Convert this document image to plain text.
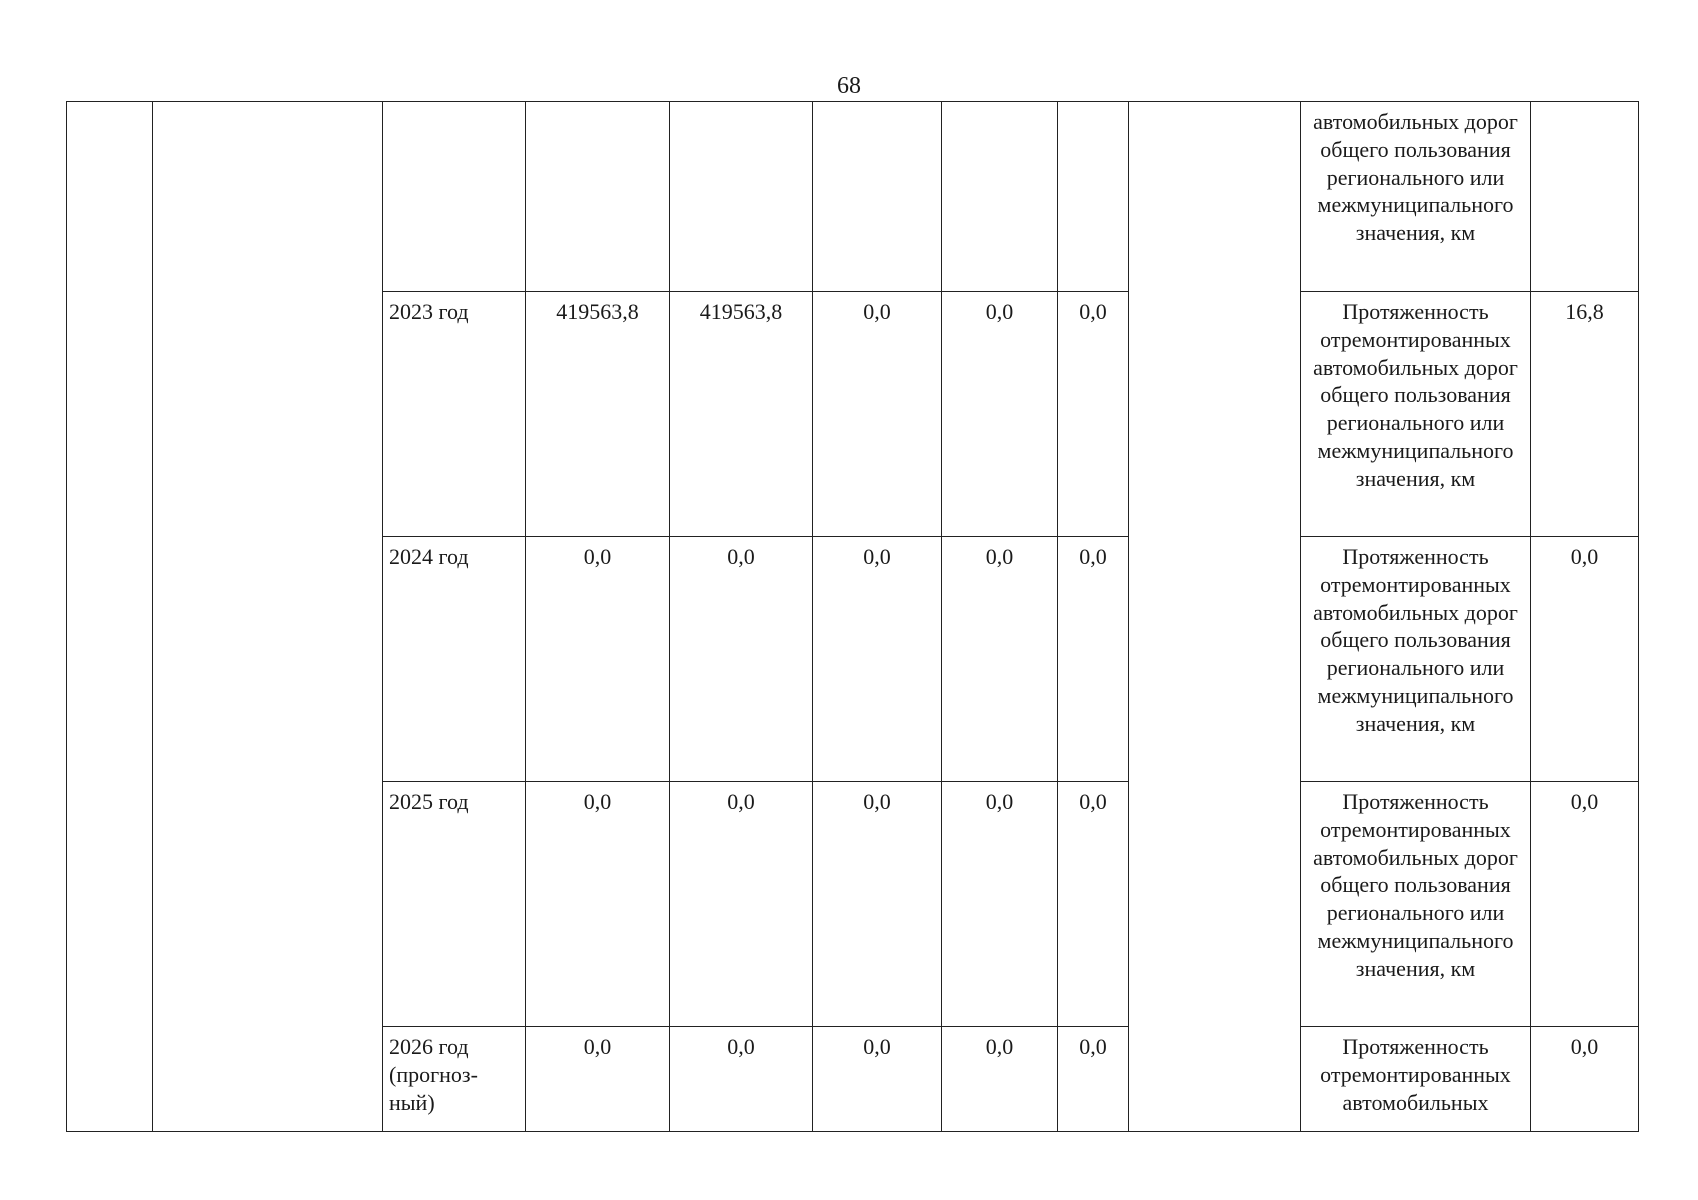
68
									автомобильных дорог общего пользования регионального или межмуниципального значения, км	
		2023 год	419563,8	419563,8	0,0	0,0	0,0		Протяженность отремонтированных автомобильных дорог общего пользования регионального или межмуниципального значения, км	16,8
		2024 год	0,0	0,0	0,0	0,0	0,0		Протяженность отремонтированных автомобильных дорог общего пользования регионального или межмуниципального значения, км	0,0
		2025 год	0,0	0,0	0,0	0,0	0,0		Протяженность отремонтированных автомобильных дорог общего пользования регионального или межмуниципального значения, км	0,0
		2026 год (прогноз-ный)	0,0	0,0	0,0	0,0	0,0		Протяженность отремонтированных автомобильных	0,0
